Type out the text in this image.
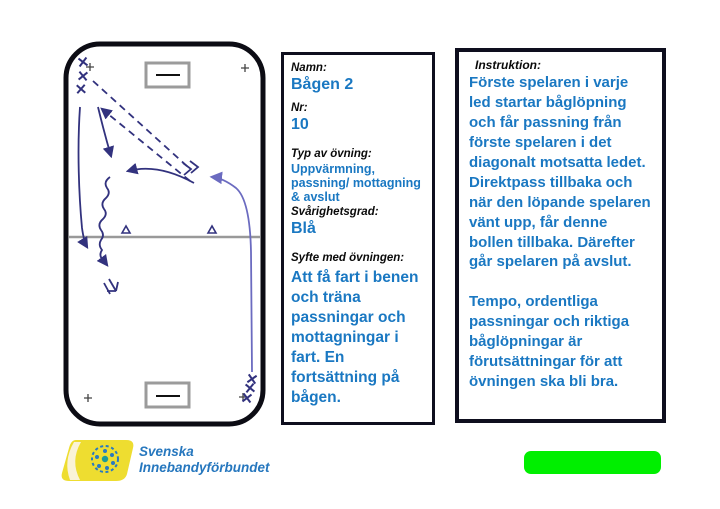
Namn:
Bågen 2
Nr:
10
Typ av övning:
Uppvärmning, passning/ mottagning & avslut
Svårighetsgrad:
Blå
Syfte med övningen:
Att få fart i benen och träna passningar och mottagningar i fart. En fortsättning på bågen.
Instruktion:

Förste spelaren i varje led startar båglöpning och får passning från förste spelaren i det diagonalt motsatta ledet. Direktpass tillbaka och när den löpande spelaren vänt upp, får denne bollen tillbaka. Därefter går spelaren på avslut.

Tempo, ordentliga passningar och riktiga båglöpningar är förutsättningar för att övningen ska bli bra.

Svenska
Innebandyförbundet
